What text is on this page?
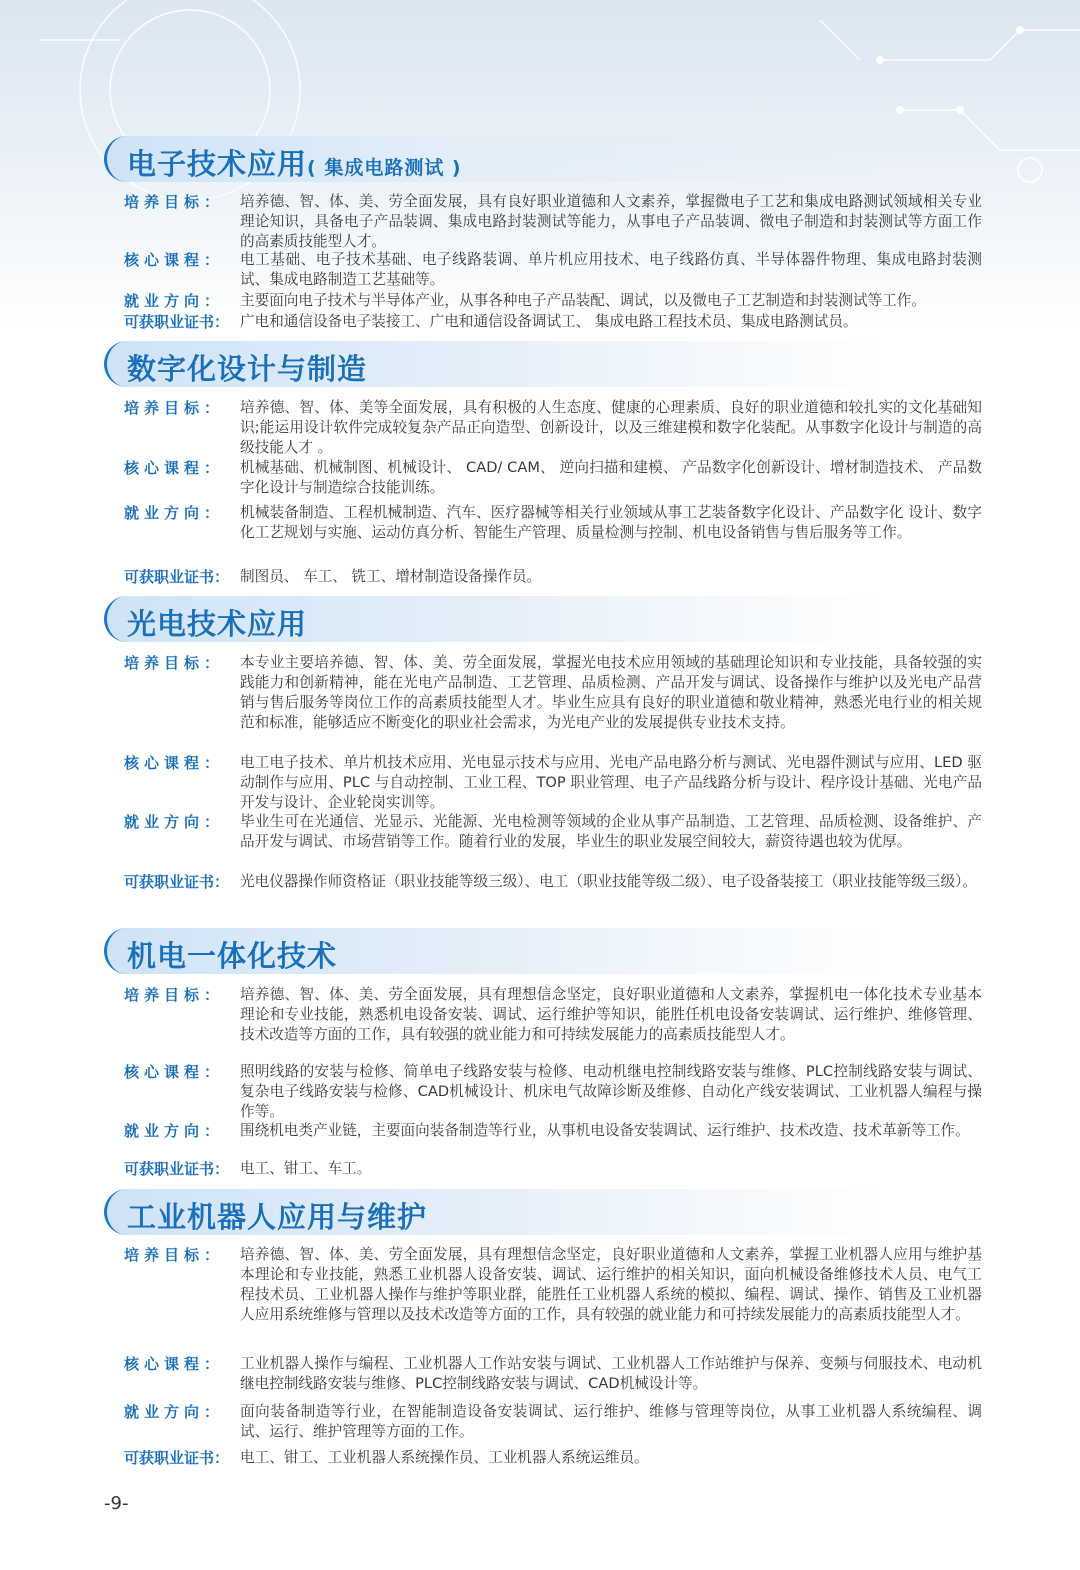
电子技术应用( 集成电路测试 )
培养目标：	培养德、智、体、美、劳全面发展，具有良好职业道德和人文素养，掌握微电子工艺和集成电路测试领域相关专业理论知识，具备电子产品装调、集成电路封装测试等能力，从事电子产品装调、微电子制造和封装测试等方面工作的高素质技能型人才。
核心课程：	电工基础、电子技术基础、电子线路装调、单片机应用技术、电子线路仿真、半导体器件物理、集成电路封装测试、集成电路制造工艺基础等。
就业方向：	主要面向电子技术与半导体产业，从事各种电子产品装配、调试，以及微电子工艺制造和封装测试等工作。
可获职业证书： 广电和通信设备电子装接工、广电和通信设备调试工、 集成电路工程技术员、集成电路测试员。
数字化设计与制造
培养目标：	培养德、智、体、美等全面发展，具有积极的人生态度、健康的心理素质、良好的职业道德和较扎实的文化基础知识;能运用设计软件完成较复杂产品正向造型、创新设计，以及三维建模和数字化装配。从事数字化设计与制造的高级技能人才 。
核心课程：	机械基础、机械制图、机械设计、 CAD/ CAM、 逆向扫描和建模、 产品数字化创新设计、增材制造技术、 产品数字化设计与制造综合技能训练。
就业方向：	机械装备制造、工程机械制造、汽车、医疗器械等相关行业领域从事工艺装备数字化设计、产品数字化 设计、数字化工艺规划与实施、运动仿真分析、智能生产管理、质量检测与控制、机电设备销售与售后服务等工作。
可获职业证书： 制图员、 车工、 铣工、增材制造设备操作员。
光电技术应用
培养目标：	本专业主要培养德、智、体、美、劳全面发展，掌握光电技术应用领域的基础理论知识和专业技能，具备较强的实践能力和创新精神，能在光电产品制造、工艺管理、品质检测、产品开发与调试、设备操作与维护以及光电产品营销与售后服务等岗位工作的高素质技能型人才。毕业生应具有良好的职业道德和敬业精神，熟悉光电行业的相关规范和标准，能够适应不断变化的职业社会需求，为光电产业的发展提供专业技术支持。
核心课程：	电工电子技术、单片机技术应用、光电显示技术与应用、光电产品电路分析与测试、光电器件测试与应用、LED 驱动制作与应用、PLC 与自动控制、工业工程、TOP 职业管理、电子产品线路分析与设计、程序设计基础、光电产品开发与设计、企业轮岗实训等。
就业方向：	毕业生可在光通信、光显示、光能源、光电检测等领域的企业从事产品制造、工艺管理、品质检测、设备维护、产品开发与调试、市场营销等工作。随着行业的发展，毕业生的职业发展空间较大，薪资待遇也较为优厚。
可获职业证书： 光电仪器操作师资格证（职业技能等级三级）、电工（职业技能等级二级）、电子设备装接工（职业技能等级三级）。
机电一体化技术
培养目标：	培养德、智、体、美、劳全面发展，具有理想信念坚定，良好职业道德和人文素养，掌握机电一体化技术专业基本理论和专业技能，熟悉机电设备安装、调试、运行维护等知识，能胜任机电设备安装调试、运行维护、维修管理、技术改造等方面的工作，具有较强的就业能力和可持续发展能力的高素质技能型人才。
核心课程：	照明线路的安装与检修、简单电子线路安装与检修、电动机继电控制线路安装与维修、PLC控制线路安装与调试、复杂电子线路安装与检修、CAD机械设计、机床电气故障诊断及维修、自动化产线安装调试、工业机器人编程与操作等。
就业方向：	围绕机电类产业链，主要面向装备制造等行业，从事机电设备安装调试、运行维护、技术改造、技术革新等工作。
可获职业证书： 电工、钳工、车工。
工业机器人应用与维护
培养目标：	培养德、智、体、美、劳全面发展，具有理想信念坚定，良好职业道德和人文素养，掌握工业机器人应用与维护基本理论和专业技能，熟悉工业机器人设备安装、调试、运行维护的相关知识，面向机械设备维修技术人员、电气工程技术员、工业机器人操作与维护等职业群，能胜任工业机器人系统的模拟、编程、调试、操作、销售及工业机器人应用系统维修与管理以及技术改造等方面的工作，具有较强的就业能力和可持续发展能力的高素质技能型人才。
核心课程：	工业机器人操作与编程、工业机器人工作站安装与调试、工业机器人工作站维护与保养、变频与伺服技术、电动机继电控制线路安装与维修、PLC控制线路安装与调试、CAD机械设计等。
就业方向：	面向装备制造等行业，在智能制造设备安装调试、运行维护、维修与管理等岗位，从事工业机器人系统编程、调试、运行、维护管理等方面的工作。
可获职业证书： 电工、钳工、工业机器人系统操作员、工业机器人系统运维员。
-9-
